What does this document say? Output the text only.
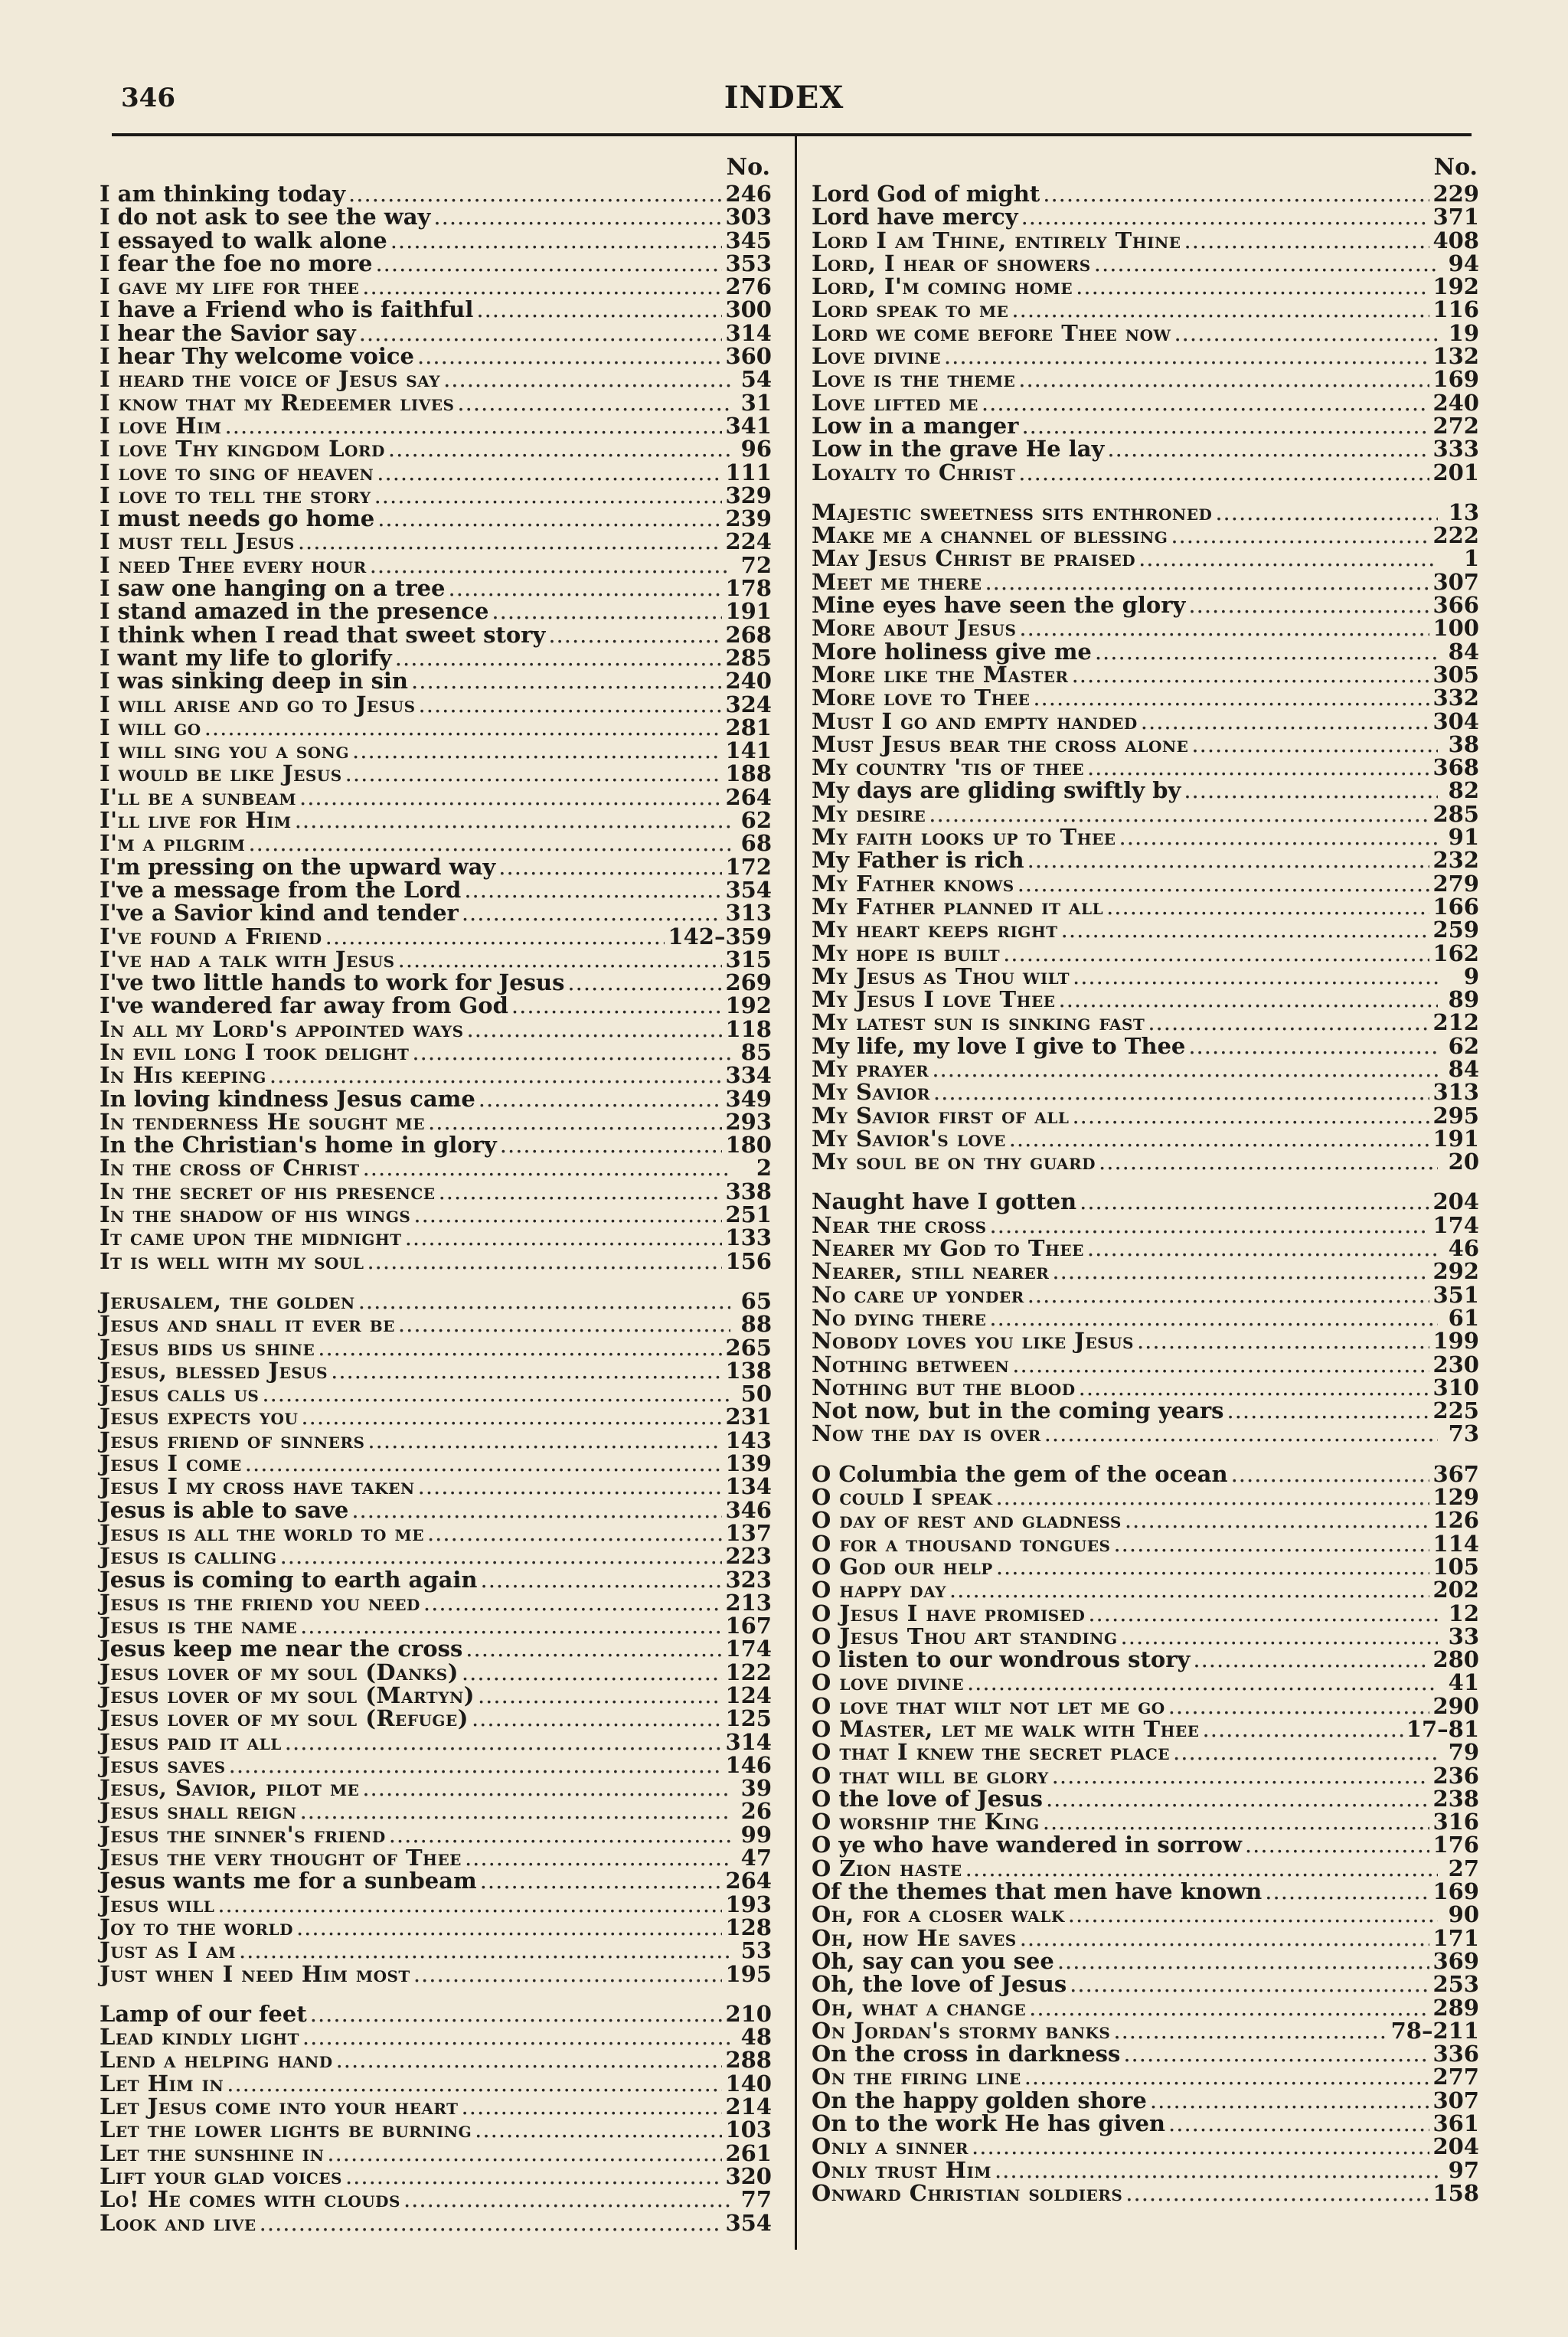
346	INDEX
No.
I am thinking today .....	246
I do not ask to see the way .....	303
I essayed to walk alone .....	345
I fear the foe no more .....	353
I gave my life for thee .....	276
I have a Friend who is faithful .....	300
I hear the Savior say .....	314
I hear Thy welcome voice .....	360
I heard the voice of Jesus say .....	54
I know that my Redeemer lives .....	31
I love Him .....	341
I love Thy kingdom Lord .....	96
I love to sing of heaven .....	111
I love to tell the story .....	329
I must needs go home .....	239
I must tell Jesus .....	224
I need Thee every hour .....	72
I saw one hanging on a tree .....	178
I stand amazed in the presence .....	191
I think when I read that sweet story .....	268
I want my life to glorify .....	285
I was sinking deep in sin .....	240
I will arise and go to Jesus .....	324
I will go .....	281
I will sing you a song .....	141
I would be like Jesus .....	188
I'll be a sunbeam .....	264
I'll live for Him .....	62
I'm a pilgrim .....	68
I'm pressing on the upward way .....	172
I've a message from the Lord .....	354
I've a Savior kind and tender .....	313
I've found a Friend .....	142–359
I've had a talk with Jesus .....	315
I've two little hands to work for Jesus .....	269
I've wandered far away from God .....	192
In all my Lord's appointed ways .....	118
In evil long I took delight .....	85
In His keeping .....	334
In loving kindness Jesus came .....	349
In tenderness He sought me .....	293
In the Christian's home in glory .....	180
In the cross of Christ .....	2
In the secret of his presence .....	338
In the shadow of his wings .....	251
It came upon the midnight .....	133
It is well with my soul .....	156
Jerusalem, the golden .....	65
Jesus and shall it ever be .....	88
Jesus bids us shine .....	265
Jesus, blessed Jesus .....	138
Jesus calls us .....	50
Jesus expects you .....	231
Jesus friend of sinners .....	143
Jesus I come .....	139
Jesus I my cross have taken .....	134
Jesus is able to save .....	346
Jesus is all the world to me .....	137
Jesus is calling .....	223
Jesus is coming to earth again .....	323
Jesus is the friend you need .....	213
Jesus is the name .....	167
Jesus keep me near the cross .....	174
Jesus lover of my soul (Danks) .....	122
Jesus lover of my soul (Martyn) .....	124
Jesus lover of my soul (Refuge) .....	125
Jesus paid it all .....	314
Jesus saves .....	146
Jesus, Savior, pilot me .....	39
Jesus shall reign .....	26
Jesus the sinner's friend .....	99
Jesus the very thought of Thee .....	47
Jesus wants me for a sunbeam .....	264
Jesus will .....	193
Joy to the world .....	128
Just as I am .....	53
Just when I need Him most .....	195
Lamp of our feet .....	210
Lead kindly light .....	48
Lend a helping hand .....	288
Let Him in .....	140
Let Jesus come into your heart .....	214
Let the lower lights be burning .....	103
Let the sunshine in .....	261
Lift your glad voices .....	320
Lo! He comes with clouds .....	77
Look and live .....	354
No.
Lord God of might .....	229
Lord have mercy .....	371
Lord I am Thine, entirely Thine .....	408
Lord, I hear of showers .....	94
Lord, I'm coming home .....	192
Lord speak to me .....	116
Lord we come before Thee now .....	19
Love divine .....	132
Love is the theme .....	169
Love lifted me .....	240
Low in a manger .....	272
Low in the grave He lay .....	333
Loyalty to Christ .....	201
Majestic sweetness sits enthroned .....	13
Make me a channel of blessing .....	222
May Jesus Christ be praised .....	1
Meet me there .....	307
Mine eyes have seen the glory .....	366
More about Jesus .....	100
More holiness give me .....	84
More like the Master .....	305
More love to Thee .....	332
Must I go and empty handed .....	304
Must Jesus bear the cross alone .....	38
My country 'tis of thee .....	368
My days are gliding swiftly by .....	82
My desire .....	285
My faith looks up to Thee .....	91
My Father is rich .....	232
My Father knows .....	279
My Father planned it all .....	166
My heart keeps right .....	259
My hope is built .....	162
My Jesus as Thou wilt .....	9
My Jesus I love Thee .....	89
My latest sun is sinking fast .....	212
My life, my love I give to Thee .....	62
My prayer .....	84
My Savior .....	313
My Savior first of all .....	295
My Savior's love .....	191
My soul be on thy guard .....	20
Naught have I gotten .....	204
Near the cross .....	174
Nearer my God to Thee .....	46
Nearer, still nearer .....	292
No care up yonder .....	351
No dying there .....	61
Nobody loves you like Jesus .....	199
Nothing between .....	230
Nothing but the blood .....	310
Not now, but in the coming years .....	225
Now the day is over .....	73
O Columbia the gem of the ocean .....	367
O could I speak .....	129
O day of rest and gladness .....	126
O for a thousand tongues .....	114
O God our help .....	105
O happy day .....	202
O Jesus I have promised .....	12
O Jesus Thou art standing .....	33
O listen to our wondrous story .....	280
O love divine .....	41
O love that wilt not let me go .....	290
O Master, let me walk with Thee .....	17–81
O that I knew the secret place .....	79
O that will be glory .....	236
O the love of Jesus .....	238
O worship the King .....	316
O ye who have wandered in sorrow .....	176
O Zion haste .....	27
Of the themes that men have known .....	169
Oh, for a closer walk .....	90
Oh, how He saves .....	171
Oh, say can you see .....	369
Oh, the love of Jesus .....	253
Oh, what a change .....	289
On Jordan's stormy banks .....	78–211
On the cross in darkness .....	336
On the firing line .....	277
On the happy golden shore .....	307
On to the work He has given .....	361
Only a sinner .....	204
Only trust Him .....	97
Onward Christian soldiers .....	158
